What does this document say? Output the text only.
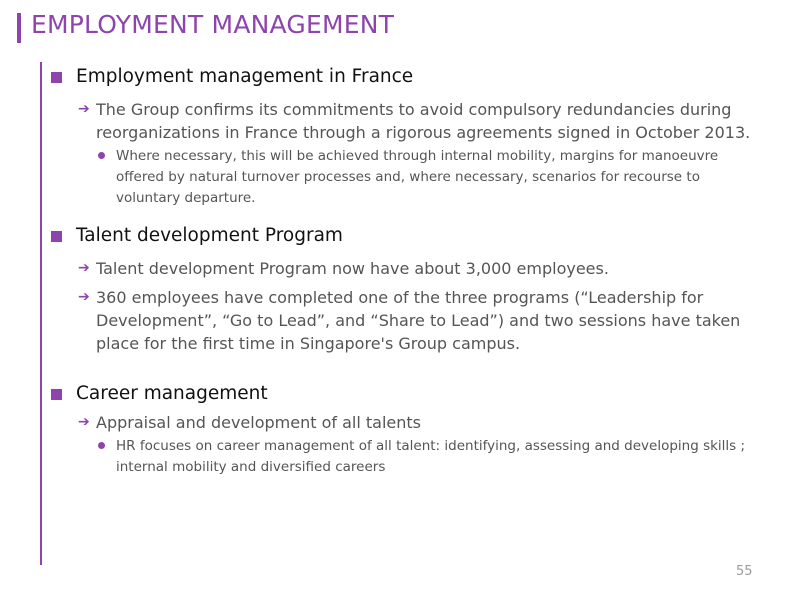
EMPLOYMENT MANAGEMENT
Employment management in France
➔ The Group confirms its commitments to avoid compulsory redundancies during reorganizations in France through a rigorous agreements signed in October 2013.
Where necessary, this will be achieved through internal mobility, margins for manoeuvre offered by natural turnover processes and, where necessary, scenarios for recourse to voluntary departure.
Talent development Program
➔ Talent development Program now have about 3,000 employees.
➔ 360 employees have completed one of the three programs (“Leadership for Development”, “Go to Lead”, and “Share to Lead”) and two sessions have taken place for the first time in Singapore's Group campus.
Career management
➔ Appraisal and development of all talents
HR focuses on career management of all talent: identifying, assessing and developing skills ; internal mobility and diversified careers
55
